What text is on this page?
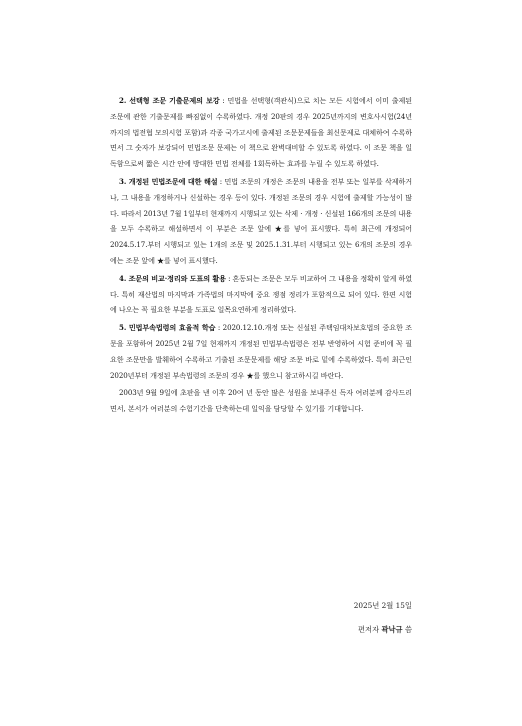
2. 선택형 조문 기출문제의 보강 : 민법을 선택형(객관식)으로 치는 모든 시험에서 이미 출제된 조문에 관한 기출문제를 빠짐없이 수록하였다. 개정 20판의 경우 2025년까지의 변호사시험(24년까지의 법전협 모의시험 포함)과 각종 국가고시에 출제된 조문문제들을 최신문제로 대체하여 수록하면서 그 숫자가 보강되어 민법조문 문제는 이 책으로 완벽대비할 수 있도록 하였다. 이 조문 책을 일독함으로써 짧은 시간 안에 방대한 민법 전체를 1회독하는 효과를 누릴 수 있도록 하였다.

3. 개정된 민법조문에 대한 해설 : 민법 조문의 개정은 조문의 내용을 전부 또는 일부를 삭제하거나, 그 내용을 개정하거나 신설하는 경우 등이 있다. 개정된 조문의 경우 시험에 출제할 가능성이 많다. 따라서 2013년 7월 1일부터 현재까지 시행되고 있는 삭제 · 개정 · 신설된 166개의 조문의 내용을 모두 수록하고 해설하면서 이 부분은 조문 앞에 ★를 넣어 표시했다. 특히 최근에 개정되어 2024.5.17.부터 시행되고 있는 1개의 조문 및 2025.1.31.부터 시행되고 있는 6개의 조문의 경우에는 조문 앞에 ★를 넣어 표시했다.

4. 조문의 비교·정리와 도표의 활용 : 혼동되는 조문은 모두 비교하여 그 내용을 정확히 알게 하였다. 특히 재산법의 마지막과 가족법의 마지막에 중요 쟁점 정리가 포함적으로 되어 있다. 한편 시험에 나오는 꼭 필요한 부분을 도표로 일목요연하게 정리하였다.

5. 민법부속법령의 효율적 학습 : 2020.12.10.개정 또는 신설된 주택임대차보호법의 중요한 조문을 포함하여 2025년 2월 7일 현재까지 개정된 민법부속법령은 전부 반영하여 시험 준비에 꼭 필요한 조문만을 발췌하여 수록하고 기출된 조문문제를 해당 조문 바로 밑에 수록하였다. 특히 최근인 2020년부터 개정된 부속법령의 조문의 경우 ★를 했으니 참고하시길 바란다.

2003년 9월 9일에 초판을 낸 이후 20여 년 동안 많은 성원을 보내주신 독자 여러분께 감사드리면서, 본서가 여러분의 수험기간을 단축하는데 일익을 담당할 수 있기를 기대합니다.

2025년 2월 15일
편저자 곽낙규 씀
